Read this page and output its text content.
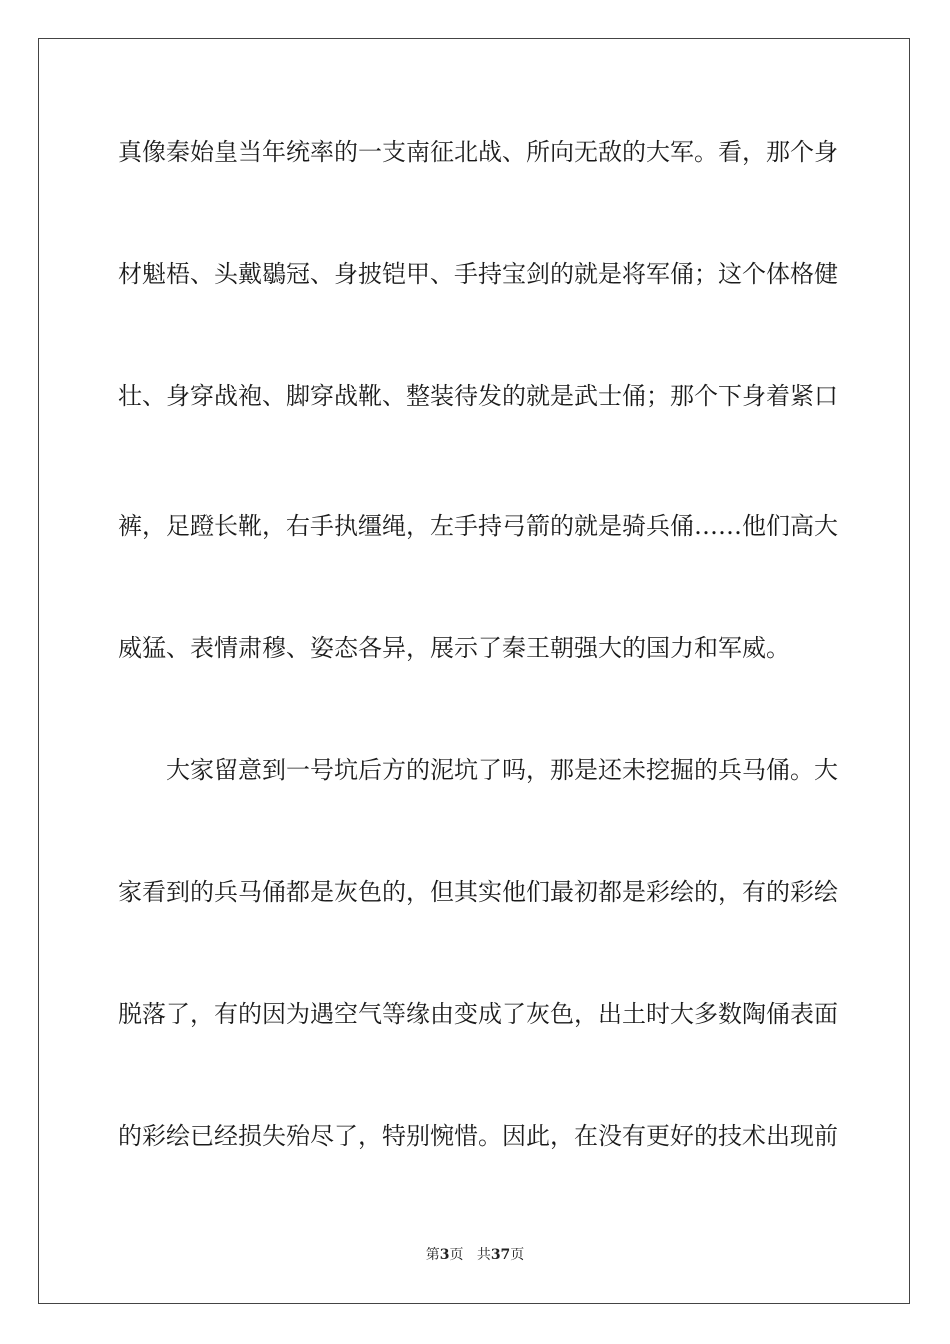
真像秦始皇当年统率的一支南征北战、所向无敌的大军。看，那个身
材魁梧、头戴鶡冠、身披铠甲、手持宝剑的就是将军俑；这个体格健
壮、身穿战袍、脚穿战靴、整装待发的就是武士俑；那个下身着紧口
裤，足蹬长靴，右手执缰绳，左手持弓箭的就是骑兵俑……他们高大
威猛、表情肃穆、姿态各异，展示了秦王朝强大的国力和军威。
大家留意到一号坑后方的泥坑了吗，那是还未挖掘的兵马俑。大
家看到的兵马俑都是灰色的，但其实他们最初都是彩绘的，有的彩绘
脱落了，有的因为遇空气等缘由变成了灰色，出土时大多数陶俑表面
的彩绘已经损失殆尽了，特别惋惜。因此，在没有更好的技术出现前
第3页 共37页
